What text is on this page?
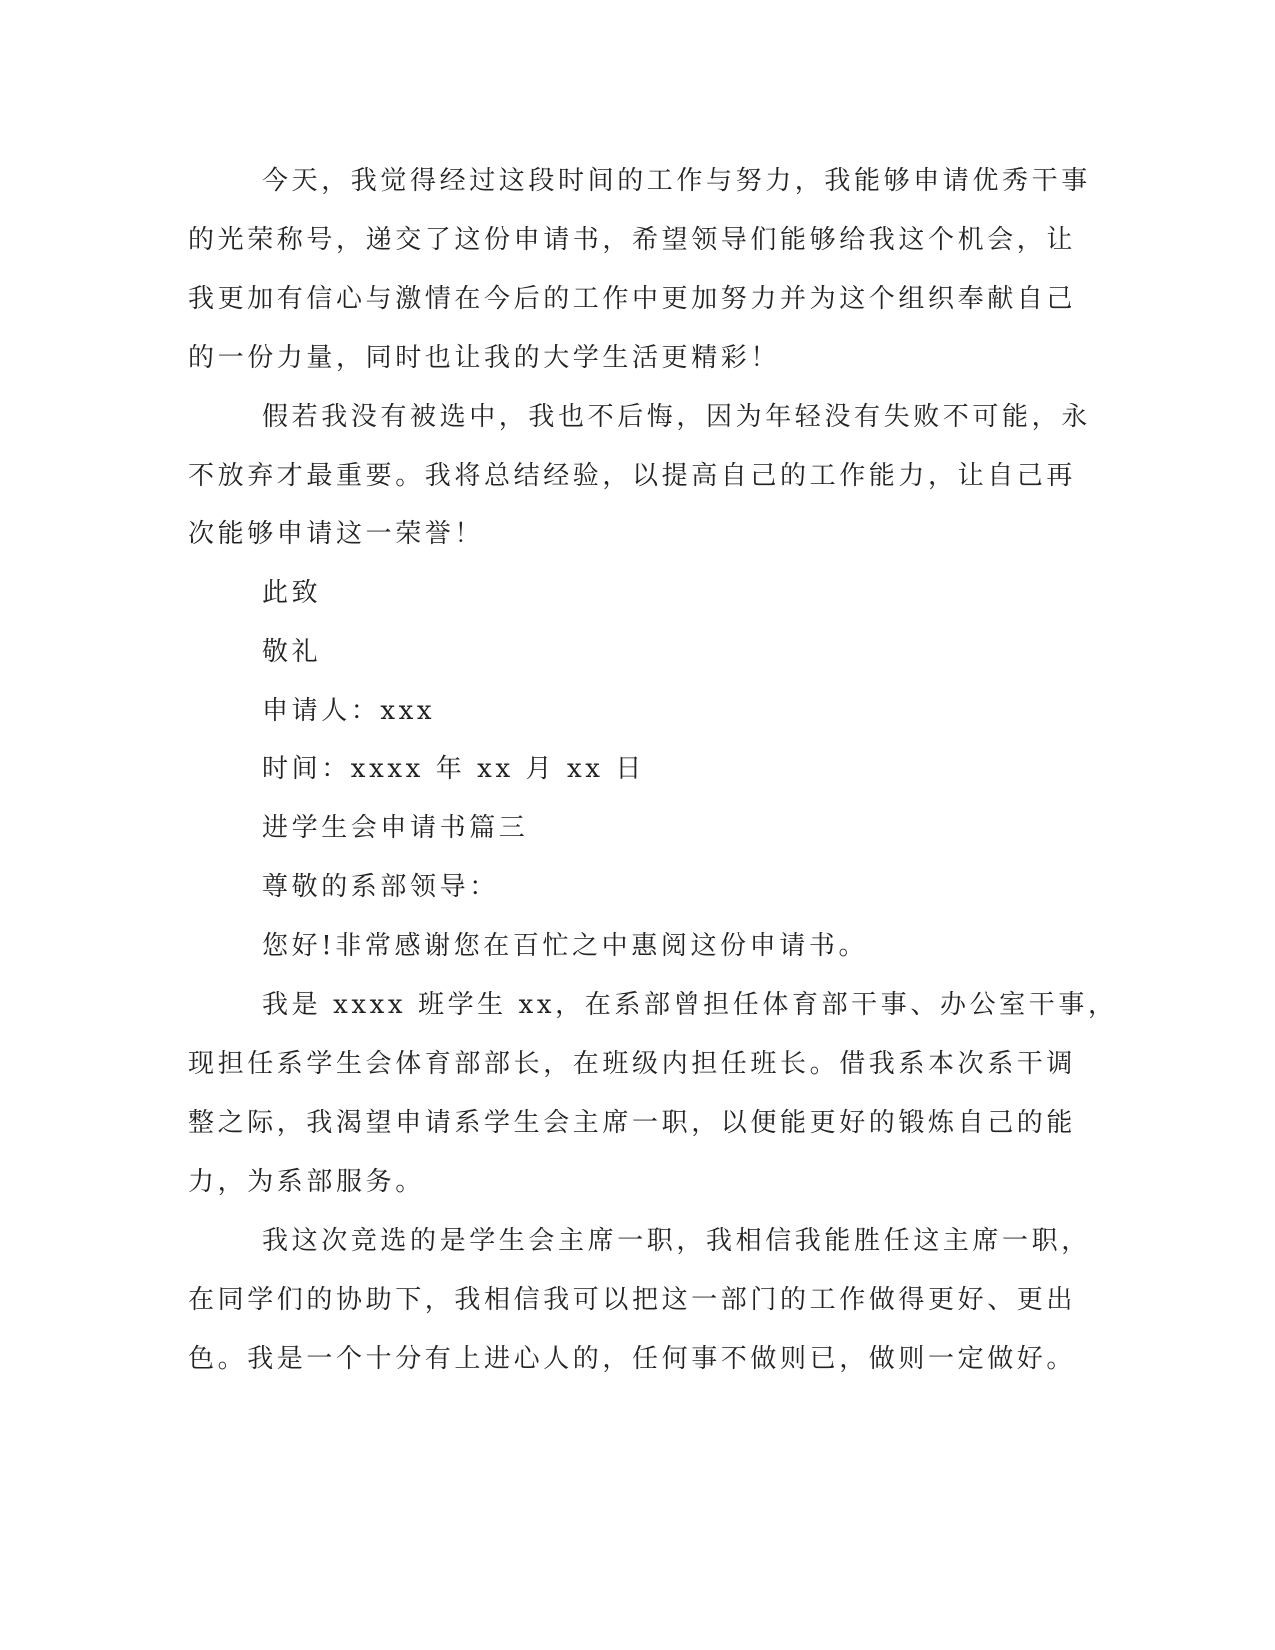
今天，我觉得经过这段时间的工作与努力，我能够申请优秀干事

的光荣称号，递交了这份申请书，希望领导们能够给我这个机会，让

我更加有信心与激情在今后的工作中更加努力并为这个组织奉献自己

的一份力量，同时也让我的大学生活更精彩！

假若我没有被选中，我也不后悔，因为年轻没有失败不可能，永

不放弃才最重要。我将总结经验，以提高自己的工作能力，让自己再

次能够申请这一荣誉！

此致

敬礼

申请人：xxx

时间：xxxx 年 xx 月 xx 日

进学生会申请书篇三

尊敬的系部领导：

您好!非常感谢您在百忙之中惠阅这份申请书。

我是 xxxx 班学生 xx，在系部曾担任体育部干事、办公室干事，

现担任系学生会体育部部长，在班级内担任班长。借我系本次系干调

整之际，我渴望申请系学生会主席一职，以便能更好的锻炼自己的能

力，为系部服务。

我这次竞选的是学生会主席一职，我相信我能胜任这主席一职，

在同学们的协助下，我相信我可以把这一部门的工作做得更好、更出

色。我是一个十分有上进心人的，任何事不做则已，做则一定做好。
